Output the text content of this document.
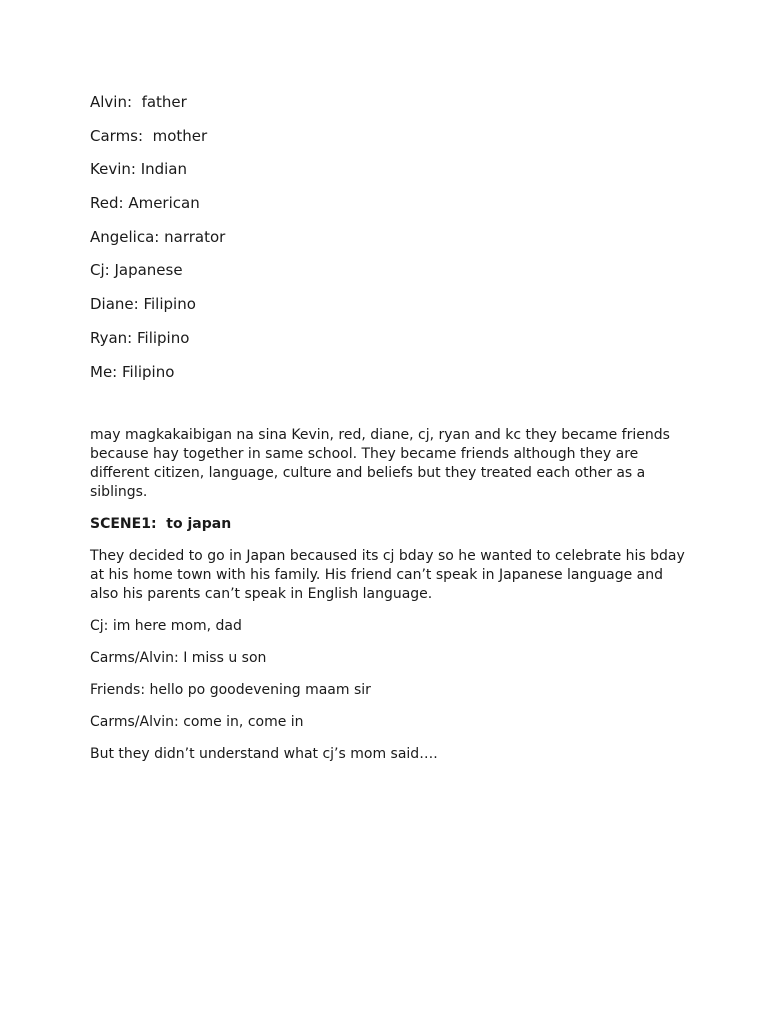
Alvin:  father
Carms:  mother
Kevin: Indian
Red: American
Angelica: narrator
Cj: Japanese
Diane: Filipino
Ryan: Filipino
Me: Filipino

may magkakaibigan na sina Kevin, red, diane, cj, ryan and kc they became friends because hay together in same school. They became friends although they are different citizen, language, culture and beliefs but they treated each other as a siblings.

SCENE1:  to japan

They decided to go in Japan becaused its cj bday so he wanted to celebrate his bday at his home town with his family. His friend can’t speak in Japanese language and also his parents can’t speak in English language.

Cj: im here mom, dad

Carms/Alvin: I miss u son

Friends: hello po goodevening maam sir

Carms/Alvin: come in, come in

But they didn’t understand what cj’s mom said….
